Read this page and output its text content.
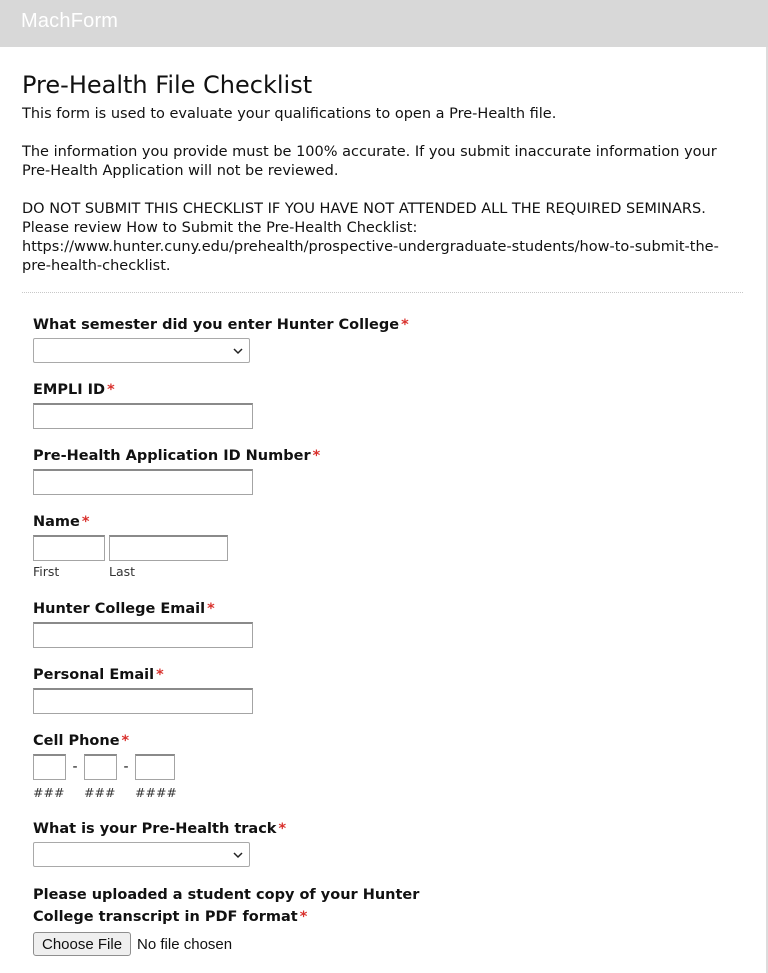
MachForm
Pre-Health File Checklist

This form is used to evaluate your qualifications to open a Pre-Health file.

The information you provide must be 100% accurate. If you submit inaccurate information your Pre-Health Application will not be reviewed.

DO NOT SUBMIT THIS CHECKLIST IF YOU HAVE NOT ATTENDED ALL THE REQUIRED SEMINARS. Please review How to Submit the Pre-Health Checklist: https://www.hunter.cuny.edu/prehealth/prospective-undergraduate-students/how-to-submit-the-pre-health-checklist.

What semester did you enter Hunter College *
EMPLI ID *
Pre-Health Application ID Number *
Name *
First	Last
Hunter College Email *
Personal Email *
Cell Phone *
-	-
### ### ####
What is your Pre-Health track *
Please uploaded a student copy of your Hunter College transcript in PDF format *
Choose File	No file chosen
